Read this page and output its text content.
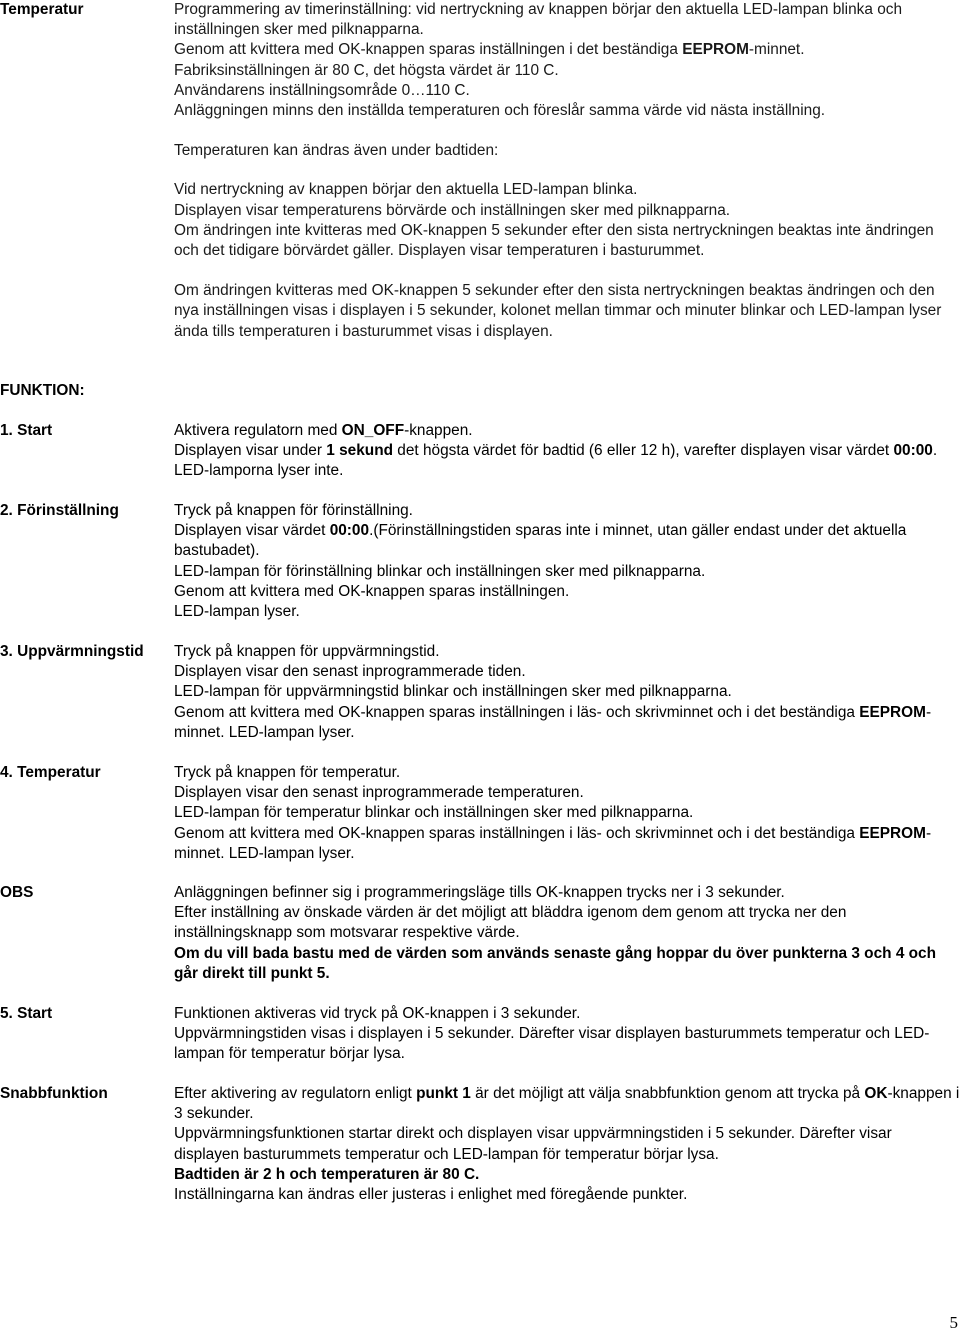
Temperatur	Programmering av timerinställning: vid nertryckning av knappen börjar den aktuella LED-lampan blinka och inställningen sker med pilknapparna.

Genom att kvittera med OK-knappen sparas inställningen i det beständiga EEPROM-minnet.

Fabriksinställningen är 80 C, det högsta värdet är 110 C.

Användarens inställningsområde 0…110 C.

Anläggningen minns den inställda temperaturen och föreslår samma värde vid nästa inställning.

Temperaturen kan ändras även under badtiden:

Vid nertryckning av knappen börjar den aktuella LED-lampan blinka.

Displayen visar temperaturens börvärde och inställningen sker med pilknapparna.

Om ändringen inte kvitteras med OK-knappen 5 sekunder efter den sista nertryckningen beaktas inte ändringen och det tidigare börvärdet gäller. Displayen visar temperaturen i basturummet.

Om ändringen kvitteras med OK-knappen 5 sekunder efter den sista nertryckningen beaktas ändringen och den nya inställningen visas i displayen i 5 sekunder, kolonet mellan timmar och minuter blinkar och LED-lampan lyser ända tills temperaturen i basturummet visas i displayen.

FUNKTION:
1. Start	Aktivera regulatorn med ON_OFF-knappen.

Displayen visar under 1 sekund det högsta värdet för badtid (6 eller 12 h), varefter displayen visar värdet 00:00. LED-lamporna lyser inte.

2. Förinställning	Tryck på knappen för förinställning.

Displayen visar värdet 00:00.(Förinställningstiden sparas inte i minnet, utan gäller endast under det aktuella bastubadet).

LED-lampan för förinställning blinkar och inställningen sker med pilknapparna.

Genom att kvittera med OK-knappen sparas inställningen.

LED-lampan lyser.

3. Uppvärmningstid	Tryck på knappen för uppvärmningstid.

Displayen visar den senast inprogrammerade tiden.

LED-lampan för uppvärmningstid blinkar och inställningen sker med pilknapparna.

Genom att kvittera med OK-knappen sparas inställningen i läs- och skrivminnet och i det beständiga EEPROM-minnet. LED-lampan lyser.

4. Temperatur	Tryck på knappen för temperatur.

Displayen visar den senast inprogrammerade temperaturen.

LED-lampan för temperatur blinkar och inställningen sker med pilknapparna.

Genom att kvittera med OK-knappen sparas inställningen i läs- och skrivminnet och i det beständiga EEPROM-minnet. LED-lampan lyser.

OBS	Anläggningen befinner sig i programmeringsläge tills OK-knappen trycks ner i 3 sekunder.

Efter inställning av önskade värden är det möjligt att bläddra igenom dem genom att trycka ner den inställningsknapp som motsvarar respektive värde.

Om du vill bada bastu med de värden som används senaste gång hoppar du över punkterna 3 och 4 och går direkt till punkt 5.

5. Start	Funktionen aktiveras vid tryck på OK-knappen i 3 sekunder.

Uppvärmningstiden visas i displayen i 5 sekunder. Därefter visar displayen basturummets temperatur och LED-lampan för temperatur börjar lysa.

Snabbfunktion	Efter aktivering av regulatorn enligt punkt 1 är det möjligt att välja snabbfunktion genom att trycka på OK-knappen i 3 sekunder.

Uppvärmningsfunktionen startar direkt och displayen visar uppvärmningstiden i 5 sekunder. Därefter visar displayen basturummets temperatur och LED-lampan för temperatur börjar lysa.

Badtiden är 2 h och temperaturen är 80 C.

Inställningarna kan ändras eller justeras i enlighet med föregående punkter.

5
